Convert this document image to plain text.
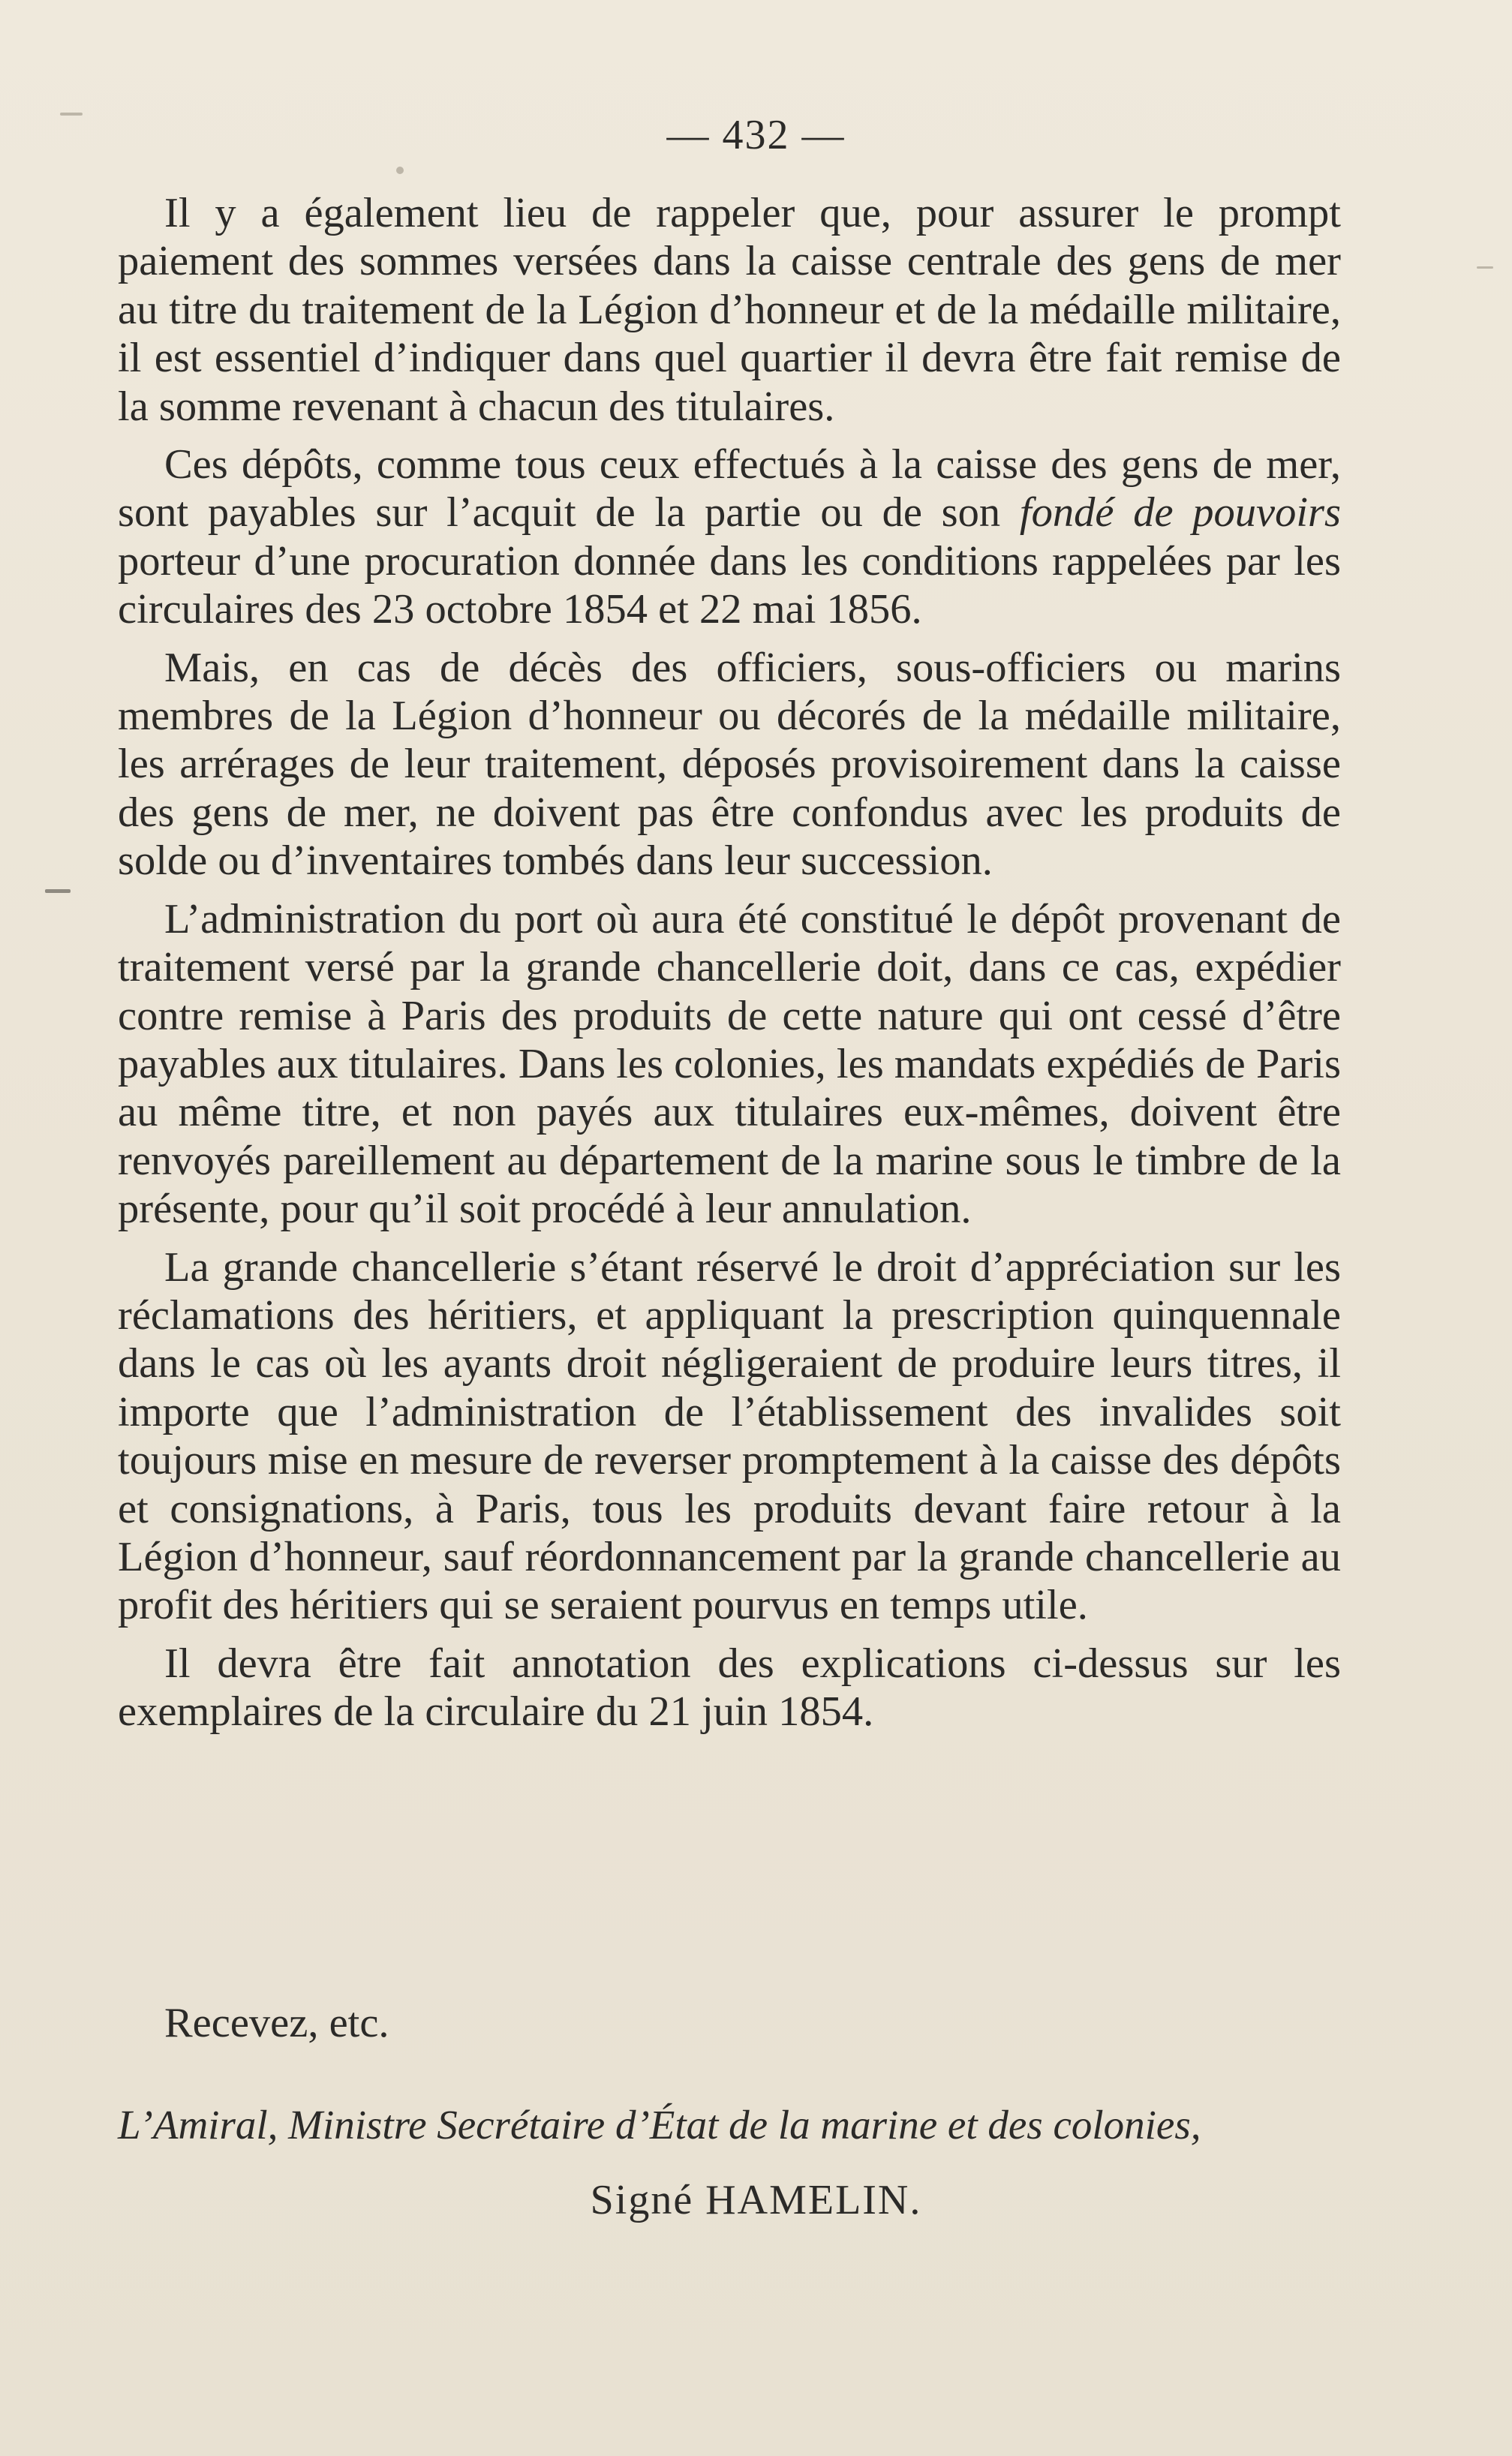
— 432 —

Il y a également lieu de rappeler que, pour assurer le prompt paiement des sommes versées dans la caisse centrale des gens de mer au titre du traitement de la Légion d’honneur et de la médaille militaire, il est essentiel d’indiquer dans quel quartier il devra être fait remise de la somme revenant à chacun des titulaires.

Ces dépôts, comme tous ceux effectués à la caisse des gens de mer, sont payables sur l’acquit de la partie ou de son fondé de pouvoirs porteur d’une procuration donnée dans les conditions rappelées par les circulaires des 23 octobre 1854 et 22 mai 1856.

Mais, en cas de décès des officiers, sous-officiers ou marins membres de la Légion d’honneur ou décorés de la médaille militaire, les arrérages de leur traitement, déposés provisoirement dans la caisse des gens de mer, ne doivent pas être confondus avec les produits de solde ou d’inventaires tombés dans leur succession.

L’administration du port où aura été constitué le dépôt provenant de traitement versé par la grande chancellerie doit, dans ce cas, expédier contre remise à Paris des produits de cette nature qui ont cessé d’être payables aux titulaires. Dans les colonies, les mandats expédiés de Paris au même titre, et non payés aux titulaires eux-mêmes, doivent être renvoyés pareillement au département de la marine sous le timbre de la présente, pour qu’il soit procédé à leur annulation.

La grande chancellerie s’étant réservé le droit d’appréciation sur les réclamations des héritiers, et appliquant la prescription quinquennale dans le cas où les ayants droit négligeraient de produire leurs titres, il importe que l’administration de l’établissement des invalides soit toujours mise en mesure de reverser promptement à la caisse des dépôts et consignations, à Paris, tous les produits devant faire retour à la Légion d’honneur, sauf réordonnancement par la grande chancellerie au profit des héritiers qui se seraient pourvus en temps utile.

Il devra être fait annotation des explications ci-dessus sur les exemplaires de la circulaire du 21 juin 1854.

Recevez, etc.
L’Amiral, Ministre Secrétaire d’État de la marine et des colonies,
Signé HAMELIN.
